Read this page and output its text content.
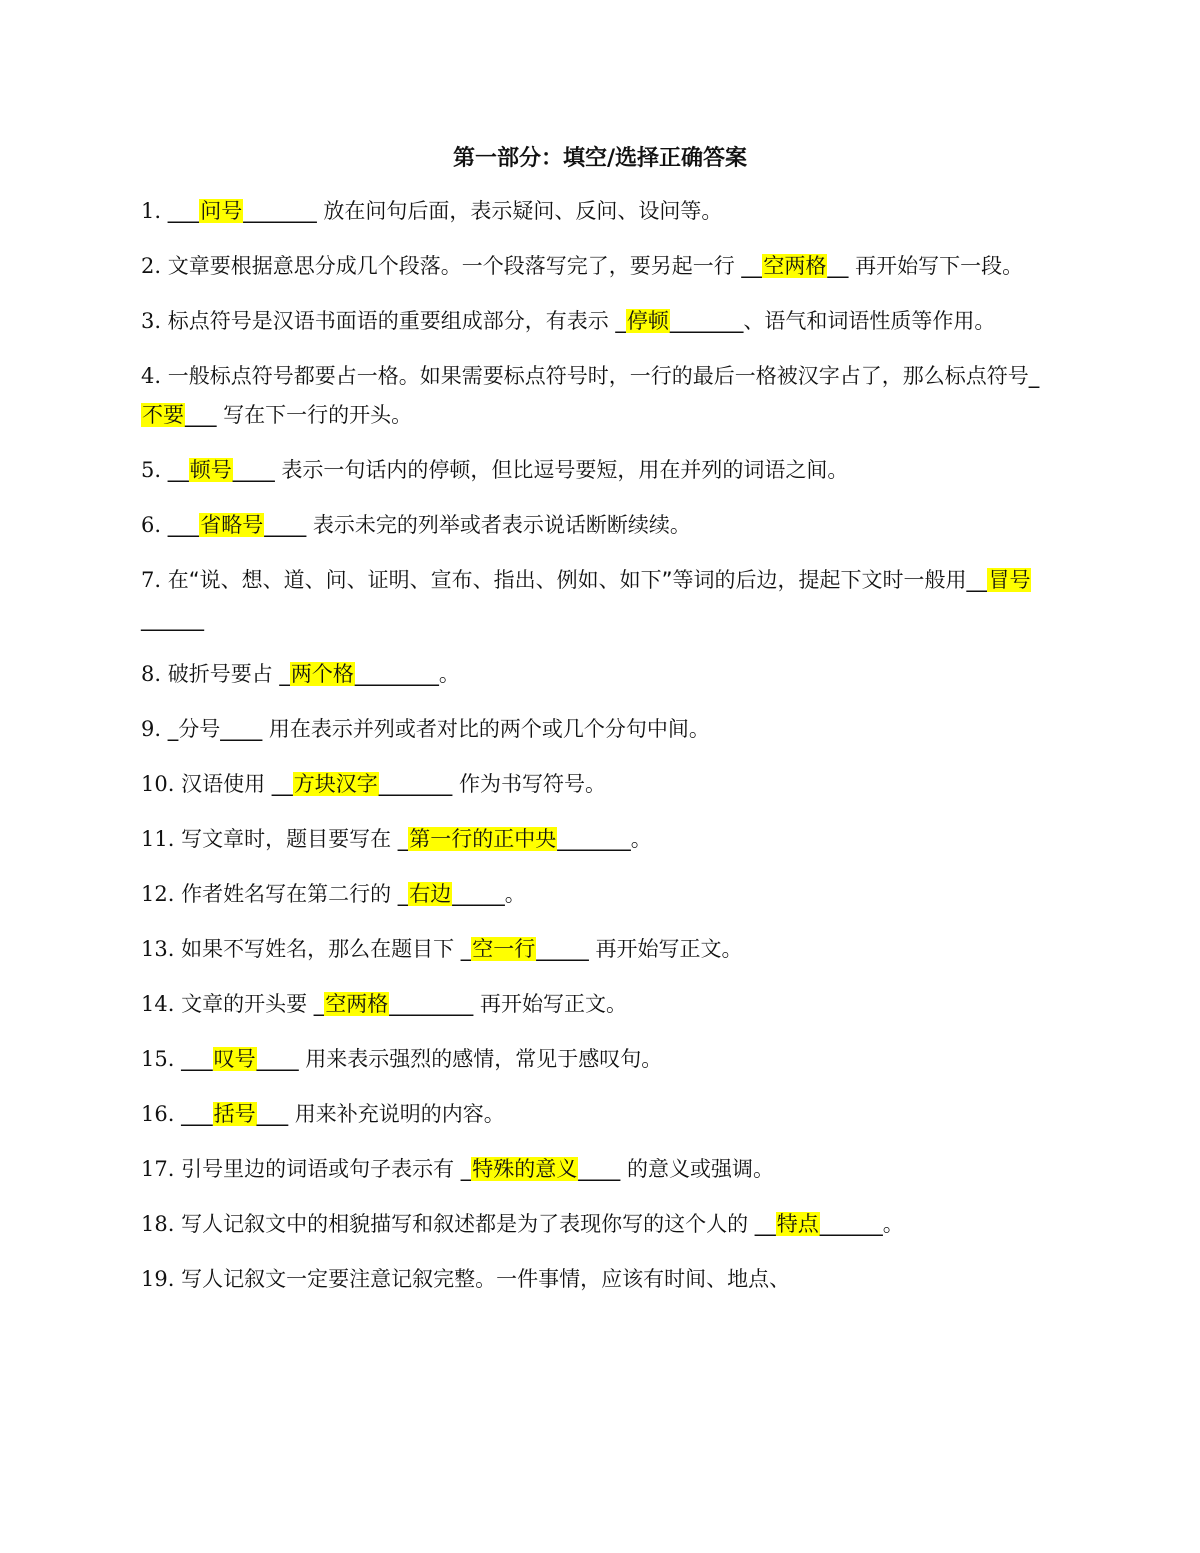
第一部分：填空/选择正确答案
1. ___问号_______ 放在问句后面，表示疑问、反问、设问等。
2. 文章要根据意思分成几个段落。一个段落写完了，要另起一行 __空两格__ 再开始写下一段。
3. 标点符号是汉语书面语的重要组成部分，有表示 _停顿_______、语气和词语性质等作用。
4. 一般标点符号都要占一格。如果需要标点符号时，一行的最后一格被汉字占了，那么标点符号_不要___ 写在下一行的开头。
5. __顿号____ 表示一句话内的停顿，但比逗号要短，用在并列的词语之间。
6. ___省略号____ 表示未完的列举或者表示说话断断续续。
7. 在“说、想、道、问、证明、宣布、指出、例如、如下”等词的后边，提起下文时一般用__冒号______
8. 破折号要占 _两个格________。
9. _分号____ 用在表示并列或者对比的两个或几个分句中间。
10. 汉语使用 __方块汉字_______ 作为书写符号。
11. 写文章时，题目要写在 _第一行的正中央_______。
12. 作者姓名写在第二行的 _右边_____。
13. 如果不写姓名，那么在题目下 _空一行_____ 再开始写正文。
14. 文章的开头要 _空两格________ 再开始写正文。
15. ___叹号____ 用来表示强烈的感情，常见于感叹句。
16. ___括号___ 用来补充说明的内容。
17. 引号里边的词语或句子表示有 _特殊的意义____ 的意义或强调。
18. 写人记叙文中的相貌描写和叙述都是为了表现你写的这个人的 __特点______。
19. 写人记叙文一定要注意记叙完整。一件事情，应该有时间、地点、
